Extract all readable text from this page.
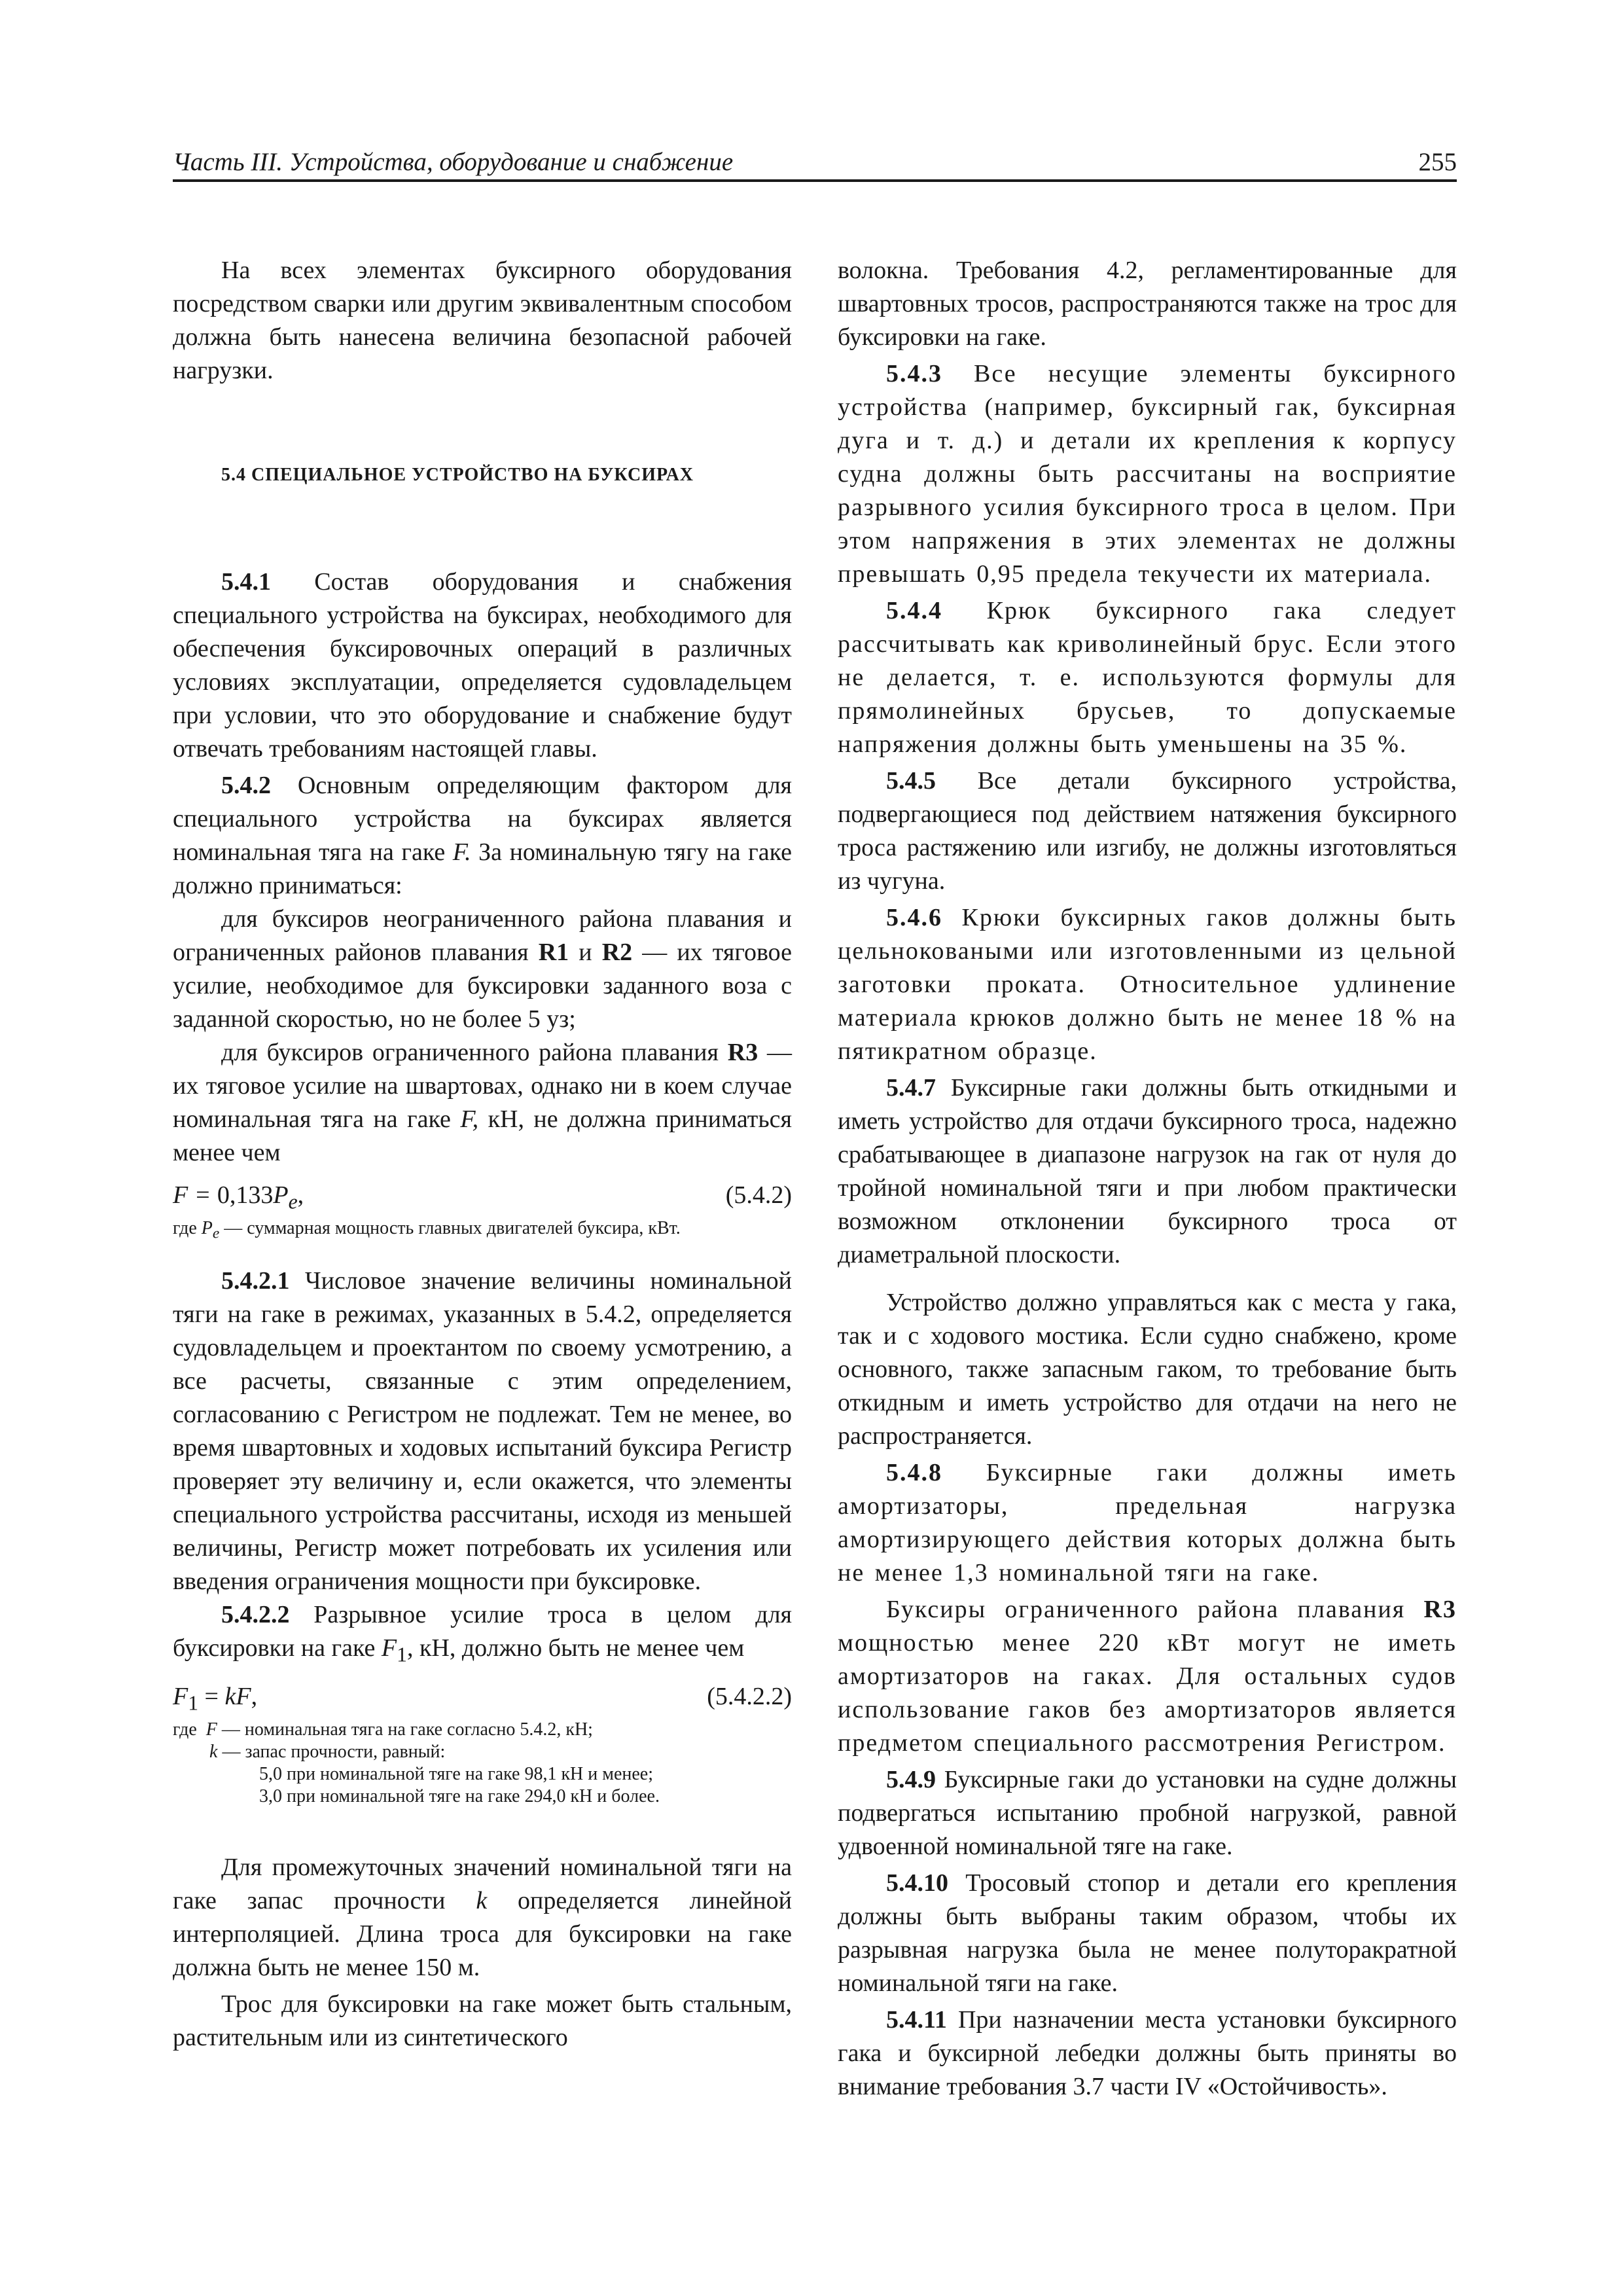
Часть III. Устройства, оборудование и снабжение	255

На всех элементах буксирного оборудования посредством сварки или другим эквивалентным способом должна быть нанесена величина безопасной рабочей нагрузки.

5.4 СПЕЦИАЛЬНОЕ УСТРОЙСТВО НА БУКСИРАХ

5.4.1 Состав оборудования и снабжения специального устройства на буксирах, необходимого для обеспечения буксировочных операций в различных условиях эксплуатации, определяется судовладельцем при условии, что это оборудование и снабжение будут отвечать требованиям настоящей главы.

5.4.2 Основным определяющим фактором для специального устройства на буксирах является номинальная тяга на гаке F. За номинальную тягу на гаке должно приниматься:

для буксиров неограниченного района плавания и ограниченных районов плавания R1 и R2 — их тяговое усилие, необходимое для буксировки заданного воза с заданной скоростью, но не более 5 уз;

для буксиров ограниченного района плавания R3 — их тяговое усилие на швартовах, однако ни в коем случае номинальная тяга на гаке F, кН, не должна приниматься менее чем

$F = 0,133P_e$,	(5.4.2)
где $P_e$ — суммарная мощность главных двигателей буксира, кВт.

5.4.2.1 Числовое значение величины номинальной тяги на гаке в режимах, указанных в 5.4.2, определяется судовладельцем и проектантом по своему усмотрению, а все расчеты, связанные с этим определением, согласованию с Регистром не подлежат. Тем не менее, во время швартовных и ходовых испытаний буксира Регистр проверяет эту величину и, если окажется, что элементы специального устройства рассчитаны, исходя из меньшей величины, Регистр может потребовать их усиления или введения ограничения мощности при буксировке.

5.4.2.2 Разрывное усилие троса в целом для буксировки на гаке $F_1$, кН, должно быть не менее чем

$F_1$ = kF,	(5.4.2.2)
где F — номинальная тяга на гаке согласно 5.4.2, кН;
k — запас прочности, равный:
5,0 при номинальной тяге на гаке 98,1 кН и менее;
3,0 при номинальной тяге на гаке 294,0 кН и более.

Для промежуточных значений номинальной тяги на гаке запас прочности k определяется линейной интерполяцией. Длина троса для буксировки на гаке должна быть не менее 150 м.

Трос для буксировки на гаке может быть стальным, растительным или из синтетического

волокна. Требования 4.2, регламентированные для швартовных тросов, распространяются также на трос для буксировки на гаке.

5.4.3 Все несущие элементы буксирного устройства (например, буксирный гак, буксирная дуга и т. д.) и детали их крепления к корпусу судна должны быть рассчитаны на восприятие разрывного усилия буксирного троса в целом. При этом напряжения в этих элементах не должны превышать 0,95 предела текучести их материала.

5.4.4 Крюк буксирного гака следует рассчитывать как криволинейный брус. Если этого не делается, т. е. используются формулы для прямолинейных брусьев, то допускаемые напряжения должны быть уменьшены на 35 %.

5.4.5 Все детали буксирного устройства, подвергающиеся под действием натяжения буксирного троса растяжению или изгибу, не должны изготовляться из чугуна.

5.4.6 Крюки буксирных гаков должны быть цельноковаными или изготовленными из цельной заготовки проката. Относительное удлинение материала крюков должно быть не менее 18 % на пятикратном образце.

5.4.7 Буксирные гаки должны быть откидными и иметь устройство для отдачи буксирного троса, надежно срабатывающее в диапазоне нагрузок на гак от нуля до тройной номинальной тяги и при любом практически возможном отклонении буксирного троса от диаметральной плоскости.

Устройство должно управляться как с места у гака, так и с ходового мостика. Если судно снабжено, кроме основного, также запасным гаком, то требование быть откидным и иметь устройство для отдачи на него не распространяется.

5.4.8 Буксирные гаки должны иметь амортизаторы, предельная нагрузка амортизирующего действия которых должна быть не менее 1,3 номинальной тяги на гаке.

Буксиры ограниченного района плавания R3 мощностью менее 220 кВт могут не иметь амортизаторов на гаках. Для остальных судов использование гаков без амортизаторов является предметом специального рассмотрения Регистром.

5.4.9 Буксирные гаки до установки на судне должны подвергаться испытанию пробной нагрузкой, равной удвоенной номинальной тяге на гаке.

5.4.10 Тросовый стопор и детали его крепления должны быть выбраны таким образом, чтобы их разрывная нагрузка была не менее полуторакратной номинальной тяги на гаке.

5.4.11 При назначении места установки буксирного гака и буксирной лебедки должны быть приняты во внимание требования 3.7 части IV «Остойчивость».
